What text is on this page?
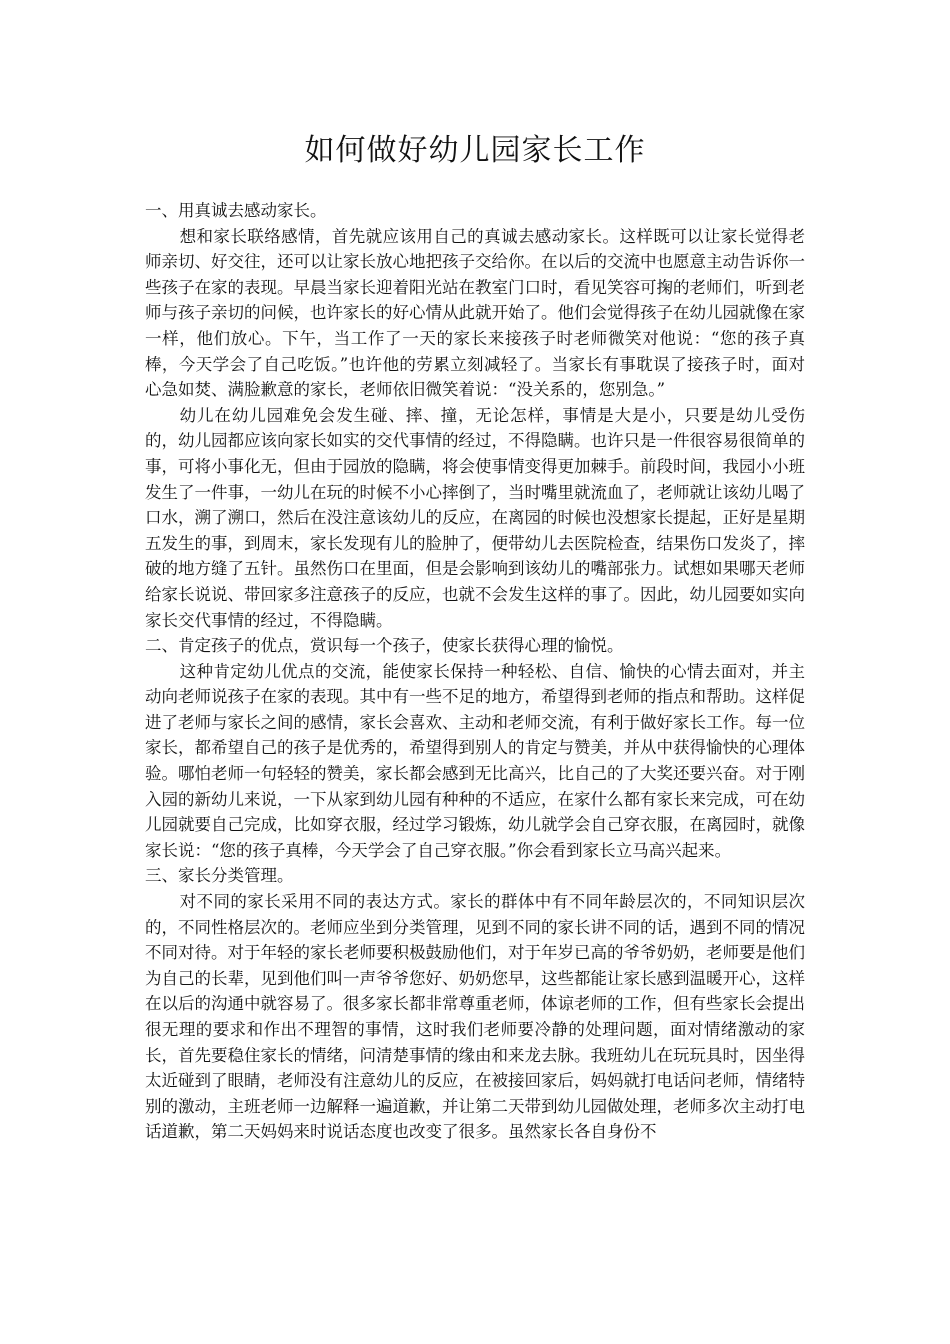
如何做好幼儿园家长工作

一、用真诚去感动家长。

想和家长联络感情，首先就应该用自己的真诚去感动家长。这样既可以让家长觉得老师亲切、好交往，还可以让家长放心地把孩子交给你。在以后的交流中也愿意主动告诉你一些孩子在家的表现。早晨当家长迎着阳光站在教室门口时，看见笑容可掬的老师们，听到老师与孩子亲切的问候，也许家长的好心情从此就开始了。他们会觉得孩子在幼儿园就像在家一样，他们放心。下午，当工作了一天的家长来接孩子时老师微笑对他说：“您的孩子真棒，今天学会了自己吃饭。”也许他的劳累立刻减轻了。当家长有事耽误了接孩子时，面对心急如焚、满脸歉意的家长，老师依旧微笑着说：“没关系的，您别急。”

幼儿在幼儿园难免会发生碰、摔、撞，无论怎样，事情是大是小，只要是幼儿受伤的，幼儿园都应该向家长如实的交代事情的经过，不得隐瞒。也许只是一件很容易很简单的事，可将小事化无，但由于园放的隐瞒，将会使事情变得更加棘手。前段时间，我园小小班发生了一件事，一幼儿在玩的时候不小心摔倒了，当时嘴里就流血了，老师就让该幼儿喝了口水，溯了溯口，然后在没注意该幼儿的反应，在离园的时候也没想家长提起，正好是星期五发生的事，到周末，家长发现有儿的脸肿了，便带幼儿去医院检查，结果伤口发炎了，摔破的地方缝了五针。虽然伤口在里面，但是会影响到该幼儿的嘴部张力。试想如果哪天老师给家长说说、带回家多注意孩子的反应，也就不会发生这样的事了。因此，幼儿园要如实向家长交代事情的经过，不得隐瞒。

二、肯定孩子的优点，赏识每一个孩子，使家长获得心理的愉悦。

这种肯定幼儿优点的交流，能使家长保持一种轻松、自信、愉快的心情去面对，并主动向老师说孩子在家的表现。其中有一些不足的地方，希望得到老师的指点和帮助。这样促进了老师与家长之间的感情，家长会喜欢、主动和老师交流，有利于做好家长工作。每一位家长，都希望自己的孩子是优秀的，希望得到别人的肯定与赞美，并从中获得愉快的心理体验。哪怕老师一句轻轻的赞美，家长都会感到无比高兴，比自己的了大奖还要兴奋。对于刚入园的新幼儿来说，一下从家到幼儿园有种种的不适应，在家什么都有家长来完成，可在幼儿园就要自己完成，比如穿衣服，经过学习锻炼，幼儿就学会自己穿衣服，在离园时，就像家长说：“您的孩子真棒，今天学会了自己穿衣服。”你会看到家长立马高兴起来。

三、家长分类管理。

对不同的家长采用不同的表达方式。家长的群体中有不同年龄层次的，不同知识层次的，不同性格层次的。老师应坐到分类管理，见到不同的家长讲不同的话，遇到不同的情况不同对待。对于年轻的家长老师要积极鼓励他们，对于年岁已高的爷爷奶奶，老师要是他们为自己的长辈，见到他们叫一声爷爷您好、奶奶您早，这些都能让家长感到温暖开心，这样在以后的沟通中就容易了。很多家长都非常尊重老师，体谅老师的工作，但有些家长会提出很无理的要求和作出不理智的事情，这时我们老师要冷静的处理问题，面对情绪激动的家长，首先要稳住家长的情绪，问清楚事情的缘由和来龙去脉。我班幼儿在玩玩具时，因坐得太近碰到了眼睛，老师没有注意幼儿的反应，在被接回家后，妈妈就打电话问老师，情绪特别的激动，主班老师一边解释一遍道歉，并让第二天带到幼儿园做处理，老师多次主动打电话道歉，第二天妈妈来时说话态度也改变了很多。虽然家长各自身份不
